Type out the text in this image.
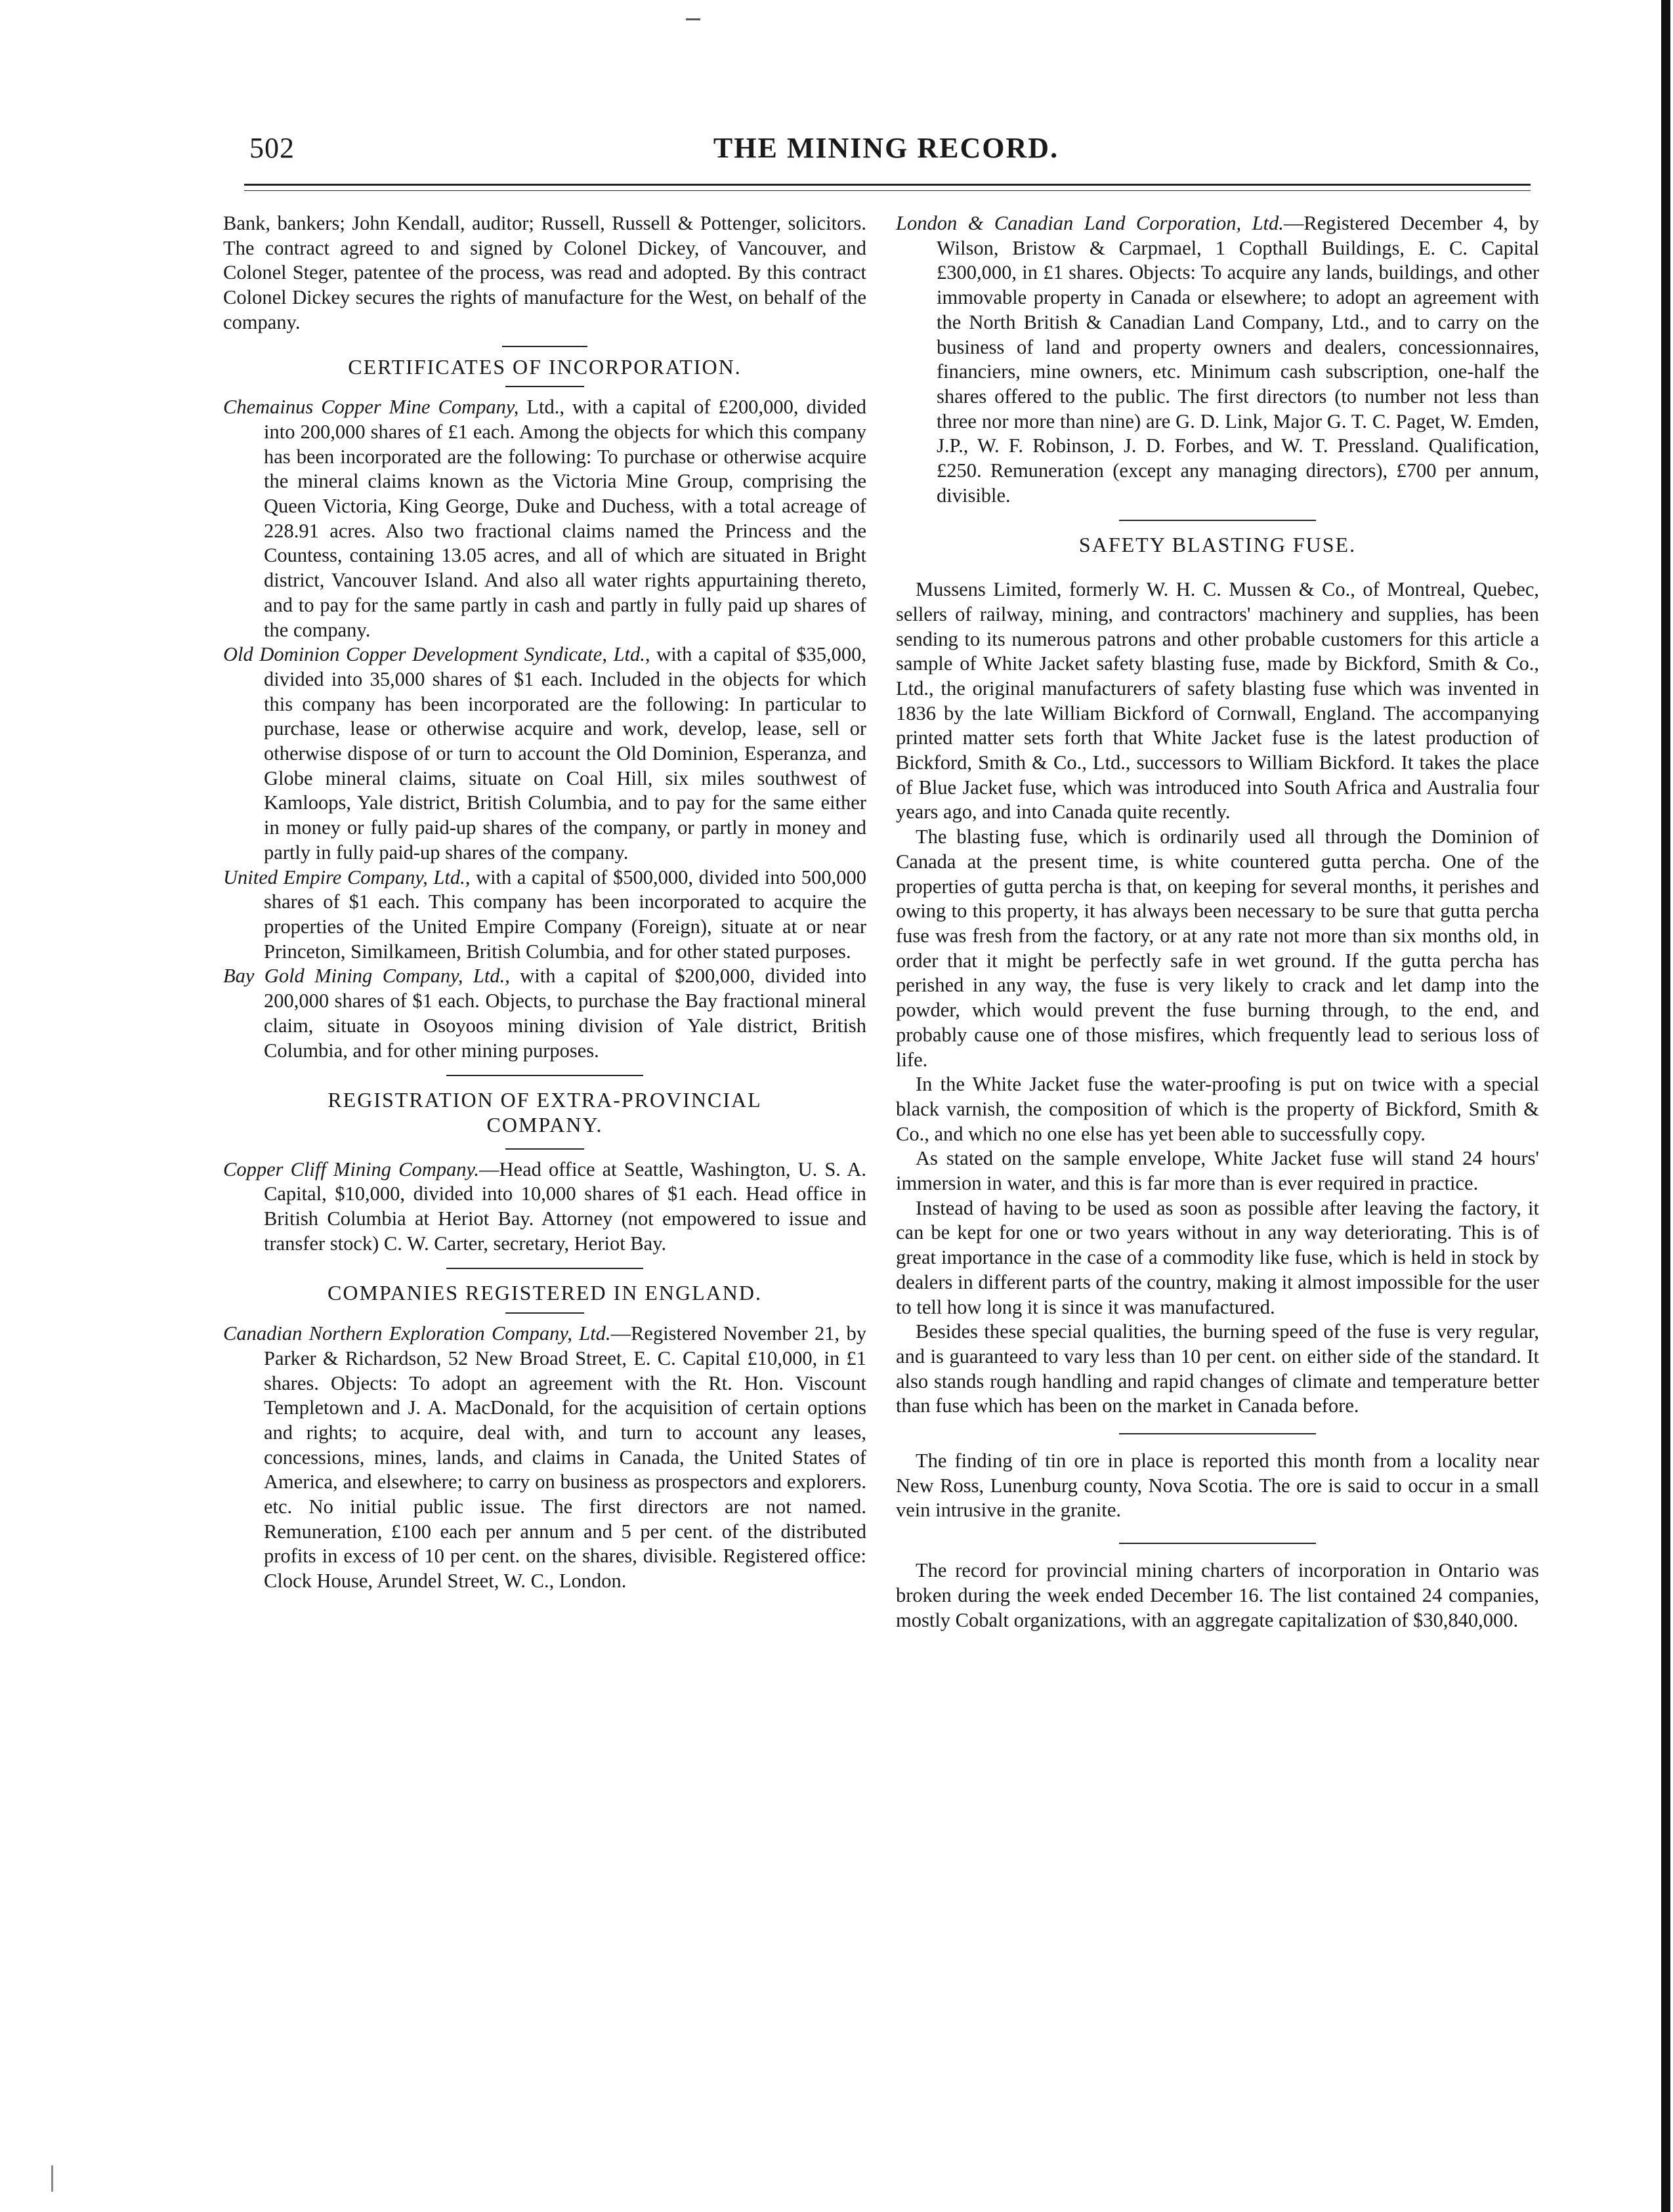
502	THE MINING RECORD.

Bank, bankers; John Kendall, auditor; Russell, Russell & Pottenger, solicitors. The contract agreed to and signed by Colonel Dickey, of Vancouver, and Colonel Steger, patentee of the process, was read and adopted. By this contract Colonel Dickey secures the rights of manufacture for the West, on behalf of the company.

CERTIFICATES OF INCORPORATION.

Chemainus Copper Mine Company, Ltd., with a capital of £200,000, divided into 200,000 shares of £1 each. Among the objects for which this company has been incorporated are the following: To purchase or otherwise acquire the mineral claims known as the Victoria Mine Group, comprising the Queen Victoria, King George, Duke and Duchess, with a total acreage of 228.91 acres. Also two fractional claims named the Princess and the Countess, containing 13.05 acres, and all of which are situated in Bright district, Vancouver Island. And also all water rights appurtaining thereto, and to pay for the same partly in cash and partly in fully paid up shares of the company.

Old Dominion Copper Development Syndicate, Ltd., with a capital of $35,000, divided into 35,000 shares of $1 each. Included in the objects for which this company has been incorporated are the following: In particular to purchase, lease or otherwise acquire and work, develop, lease, sell or otherwise dispose of or turn to account the Old Dominion, Esperanza, and Globe mineral claims, situate on Coal Hill, six miles southwest of Kamloops, Yale district, British Columbia, and to pay for the same either in money or fully paid-up shares of the company, or partly in money and partly in fully paid-up shares of the company.

United Empire Company, Ltd., with a capital of $500,000, divided into 500,000 shares of $1 each. This company has been incorporated to acquire the properties of the United Empire Company (Foreign), situate at or near Princeton, Similkameen, British Columbia, and for other stated purposes.

Bay Gold Mining Company, Ltd., with a capital of $200,000, divided into 200,000 shares of $1 each. Objects, to purchase the Bay fractional mineral claim, situate in Osoyoos mining division of Yale district, British Columbia, and for other mining purposes.

REGISTRATION OF EXTRA-PROVINCIAL
COMPANY.

Copper Cliff Mining Company.—Head office at Seattle, Washington, U. S. A. Capital, $10,000, divided into 10,000 shares of $1 each. Head office in British Columbia at Heriot Bay. Attorney (not empowered to issue and transfer stock) C. W. Carter, secretary, Heriot Bay.

COMPANIES REGISTERED IN ENGLAND.

Canadian Northern Exploration Company, Ltd.—Registered November 21, by Parker & Richardson, 52 New Broad Street, E. C. Capital £10,000, in £1 shares. Objects: To adopt an agreement with the Rt. Hon. Viscount Templetown and J. A. MacDonald, for the acquisition of certain options and rights; to acquire, deal with, and turn to account any leases, concessions, mines, lands, and claims in Canada, the United States of America, and elsewhere; to carry on business as prospectors and explorers. etc. No initial public issue. The first directors are not named. Remuneration, £100 each per annum and 5 per cent. of the distributed profits in excess of 10 per cent. on the shares, divisible. Registered office: Clock House, Arundel Street, W. C., London.

London & Canadian Land Corporation, Ltd.—Registered December 4, by Wilson, Bristow & Carpmael, 1 Copthall Buildings, E. C. Capital £300,000, in £1 shares. Objects: To acquire any lands, buildings, and other immovable property in Canada or elsewhere; to adopt an agreement with the North British & Canadian Land Company, Ltd., and to carry on the business of land and property owners and dealers, concessionnaires, financiers, mine owners, etc. Minimum cash subscription, one-half the shares offered to the public. The first directors (to number not less than three nor more than nine) are G. D. Link, Major G. T. C. Paget, W. Emden, J.P., W. F. Robinson, J. D. Forbes, and W. T. Pressland. Qualification, £250. Remuneration (except any managing directors), £700 per annum, divisible.

SAFETY BLASTING FUSE.

Mussens Limited, formerly W. H. C. Mussen & Co., of Montreal, Quebec, sellers of railway, mining, and contractors' machinery and supplies, has been sending to its numerous patrons and other probable customers for this article a sample of White Jacket safety blasting fuse, made by Bickford, Smith & Co., Ltd., the original manufacturers of safety blasting fuse which was invented in 1836 by the late William Bickford of Cornwall, England. The accompanying printed matter sets forth that White Jacket fuse is the latest production of Bickford, Smith & Co., Ltd., successors to William Bickford. It takes the place of Blue Jacket fuse, which was introduced into South Africa and Australia four years ago, and into Canada quite recently.

The blasting fuse, which is ordinarily used all through the Dominion of Canada at the present time, is white countered gutta percha. One of the properties of gutta percha is that, on keeping for several months, it perishes and owing to this property, it has always been necessary to be sure that gutta percha fuse was fresh from the factory, or at any rate not more than six months old, in order that it might be perfectly safe in wet ground. If the gutta percha has perished in any way, the fuse is very likely to crack and let damp into the powder, which would prevent the fuse burning through, to the end, and probably cause one of those misfires, which frequently lead to serious loss of life.

In the White Jacket fuse the water-proofing is put on twice with a special black varnish, the composition of which is the property of Bickford, Smith & Co., and which no one else has yet been able to successfully copy.

As stated on the sample envelope, White Jacket fuse will stand 24 hours' immersion in water, and this is far more than is ever required in practice.

Instead of having to be used as soon as possible after leaving the factory, it can be kept for one or two years without in any way deteriorating. This is of great importance in the case of a commodity like fuse, which is held in stock by dealers in different parts of the country, making it almost impossible for the user to tell how long it is since it was manufactured.

Besides these special qualities, the burning speed of the fuse is very regular, and is guaranteed to vary less than 10 per cent. on either side of the standard. It also stands rough handling and rapid changes of climate and temperature better than fuse which has been on the market in Canada before.

The finding of tin ore in place is reported this month from a locality near New Ross, Lunenburg county, Nova Scotia. The ore is said to occur in a small vein intrusive in the granite.

The record for provincial mining charters of incorporation in Ontario was broken during the week ended December 16. The list contained 24 companies, mostly Cobalt organizations, with an aggregate capitalization of $30,840,000.
